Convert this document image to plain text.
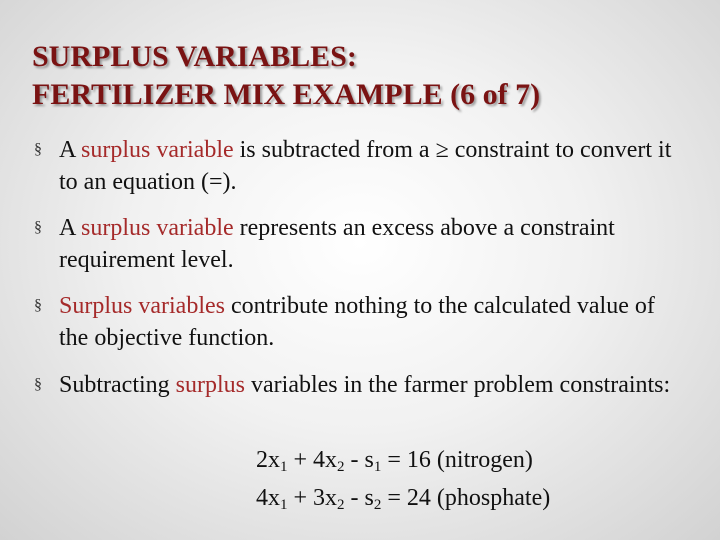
SURPLUS VARIABLES:
FERTILIZER MIX EXAMPLE (6 of 7)
§ A surplus variable is subtracted from a ≥ constraint to convert it to an equation (=).
§ A surplus variable represents an excess above a constraint requirement level.
§ Surplus variables contribute nothing to the calculated value of the objective function.
§ Subtracting surplus variables in the farmer problem constraints:
$2x_1 + 4x_2 - s_1 = 16$ (nitrogen)
$4x_1 + 3x_2 - s_2 = 24$ (phosphate)
